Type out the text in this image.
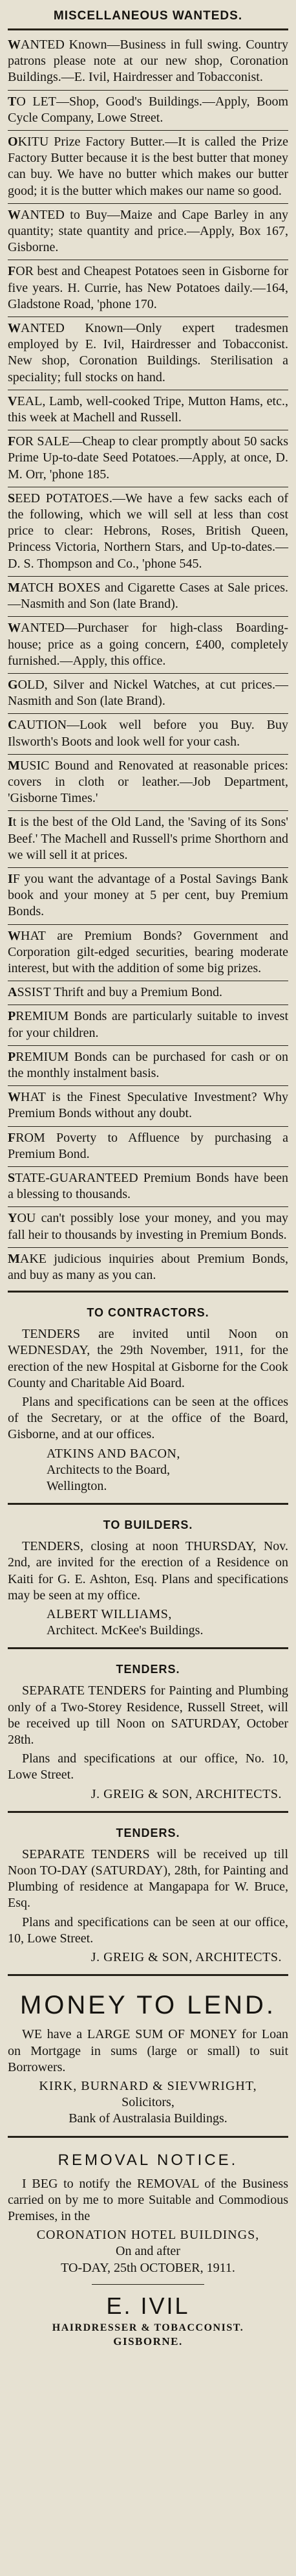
MISCELLANEOUS WANTEDS.

WANTED Known—Business in full swing. Country patrons please note at our new shop, Coronation Buildings.—E. Ivil, Hairdresser and Tobacconist.

TO LET—Shop, Good's Buildings.—Apply, Boom Cycle Company, Lowe Street.

OKITU Prize Factory Butter.—It is called the Prize Factory Butter because it is the best butter that money can buy. We have no butter which makes our butter good; it is the butter which makes our name so good.

WANTED to Buy—Maize and Cape Barley in any quantity; state quantity and price.—Apply, Box 167, Gisborne.

FOR best and Cheapest Potatoes seen in Gisborne for five years. H. Currie, has New Potatoes daily.—164, Gladstone Road, 'phone 170.

WANTED Known—Only expert tradesmen employed by E. Ivil, Hairdresser and Tobacconist. New shop, Coronation Buildings. Sterilisation a speciality; full stocks on hand.

VEAL, Lamb, well-cooked Tripe, Mutton Hams, etc., this week at Machell and Russell.

FOR SALE—Cheap to clear promptly about 50 sacks Prime Up-to-date Seed Potatoes.—Apply, at once, D. M. Orr, 'phone 185.

SEED POTATOES.—We have a few sacks each of the following, which we will sell at less than cost price to clear: Hebrons, Roses, British Queen, Princess Victoria, Northern Stars, and Up-to-dates.—D. S. Thompson and Co., 'phone 545.

MATCH BOXES and Cigarette Cases at Sale prices.—Nasmith and Son (late Brand).

WANTED—Purchaser for high-class Boarding-house; price as a going concern, £400, completely furnished.—Apply, this office.

GOLD, Silver and Nickel Watches, at cut prices.—Nasmith and Son (late Brand).

CAUTION—Look well before you Buy. Buy Ilsworth's Boots and look well for your cash.

MUSIC Bound and Renovated at reasonable prices: covers in cloth or leather.—Job Department, 'Gisborne Times.'

It is the best of the Old Land, the 'Saving of its Sons' Beef.' The Machell and Russell's prime Shorthorn and we will sell it at prices.

IF you want the advantage of a Postal Savings Bank book and your money at 5 per cent, buy Premium Bonds.

WHAT are Premium Bonds? Government and Corporation gilt-edged securities, bearing moderate interest, but with the addition of some big prizes.

ASSIST Thrift and buy a Premium Bond.

PREMIUM Bonds are particularly suitable to invest for your children.

PREMIUM Bonds can be purchased for cash or on the monthly instalment basis.

WHAT is the Finest Speculative Investment? Why Premium Bonds without any doubt.

FROM Poverty to Affluence by purchasing a Premium Bond.

STATE-GUARANTEED Premium Bonds have been a blessing to thousands.

YOU can't possibly lose your money, and you may fall heir to thousands by investing in Premium Bonds.

MAKE judicious inquiries about Premium Bonds, and buy as many as you can.

TO CONTRACTORS.

TENDERS are invited until Noon on WEDNESDAY, the 29th November, 1911, for the erection of the new Hospital at Gisborne for the Cook County and Charitable Aid Board.

Plans and specifications can be seen at the offices of the Secretary, or at the office of the Board, Gisborne, and at our offices.

ATKINS AND BACON,

Architects to the Board,

Wellington.

TO BUILDERS.

TENDERS, closing at noon THURSDAY, Nov. 2nd, are invited for the erection of a Residence on Kaiti for G. E. Ashton, Esq. Plans and specifications may be seen at my office.

ALBERT WILLIAMS,

Architect. McKee's Buildings.

TENDERS.

SEPARATE TENDERS for Painting and Plumbing only of a Two-Storey Residence, Russell Street, will be received up till Noon on SATURDAY, October 28th.

Plans and specifications at our office, No. 10, Lowe Street.

J. GREIG & SON, ARCHITECTS.

TENDERS.

SEPARATE TENDERS will be received up till Noon TO-DAY (SATURDAY), 28th, for Painting and Plumbing of residence at Mangapapa for W. Bruce, Esq.

Plans and specifications can be seen at our office, 10, Lowe Street.

J. GREIG & SON, ARCHITECTS.

MONEY TO LEND.

WE have a LARGE SUM OF MONEY for Loan on Mortgage in sums (large or small) to suit Borrowers.

KIRK, BURNARD & SIEVWRIGHT,

Solicitors,

Bank of Australasia Buildings.

REMOVAL NOTICE.

I BEG to notify the REMOVAL of the Business carried on by me to more Suitable and Commodious Premises, in the

CORONATION HOTEL BUILDINGS,

On and after

TO-DAY, 25th OCTOBER, 1911.

E. IVIL

HAIRDRESSER & TOBACCONIST.

GISBORNE.
